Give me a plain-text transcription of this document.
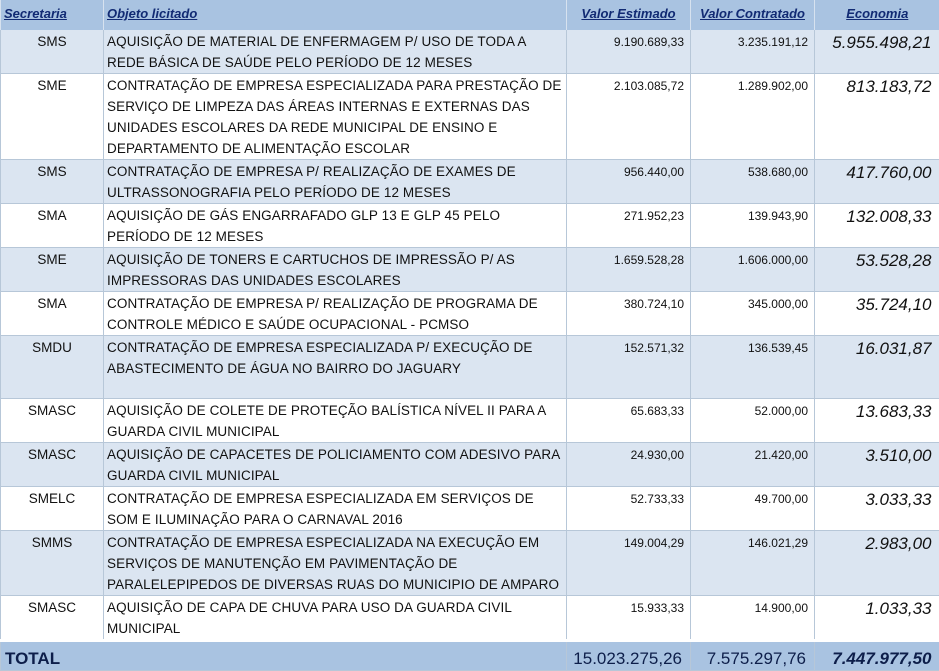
Secretaria	Objeto licitado	Valor Estimado	Valor Contratado	Economia
SMS	AQUISIÇÃO DE MATERIAL DE ENFERMAGEM P/ USO DE TODA A REDE BÁSICA DE SAÚDE PELO PERÍODO DE 12 MESES	9.190.689,33	3.235.191,12	5.955.498,21
SME	CONTRATAÇÃO DE EMPRESA ESPECIALIZADA PARA PRESTAÇÃO DE SERVIÇO DE LIMPEZA DAS ÁREAS INTERNAS E EXTERNAS DAS UNIDADES ESCOLARES DA REDE MUNICIPAL DE ENSINO E DEPARTAMENTO DE ALIMENTAÇÃO ESCOLAR	2.103.085,72	1.289.902,00	813.183,72
SMS	CONTRATAÇÃO DE EMPRESA P/ REALIZAÇÃO DE EXAMES DE ULTRASSONOGRAFIA PELO PERÍODO DE 12 MESES	956.440,00	538.680,00	417.760,00
SMA	AQUISIÇÃO DE GÁS ENGARRAFADO GLP 13 E GLP 45 PELO PERÍODO DE 12 MESES	271.952,23	139.943,90	132.008,33
SME	AQUISIÇÃO DE TONERS E CARTUCHOS DE IMPRESSÃO P/ AS IMPRESSORAS DAS UNIDADES ESCOLARES	1.659.528,28	1.606.000,00	53.528,28
SMA	CONTRATAÇÃO DE EMPRESA P/ REALIZAÇÃO DE PROGRAMA DE CONTROLE MÉDICO E SAÚDE OCUPACIONAL - PCMSO	380.724,10	345.000,00	35.724,10
SMDU	CONTRATAÇÃO DE EMPRESA ESPECIALIZADA P/ EXECUÇÃO DE ABASTECIMENTO DE ÁGUA NO BAIRRO DO JAGUARY	152.571,32	136.539,45	16.031,87
SMASC	AQUISIÇÃO DE COLETE DE PROTEÇÃO BALÍSTICA NÍVEL II PARA A GUARDA CIVIL MUNICIPAL	65.683,33	52.000,00	13.683,33
SMASC	AQUISIÇÃO DE CAPACETES DE POLICIAMENTO COM ADESIVO PARA GUARDA CIVIL MUNICIPAL	24.930,00	21.420,00	3.510,00
SMELC	CONTRATAÇÃO DE EMPRESA ESPECIALIZADA EM SERVIÇOS DE SOM E ILUMINAÇÃO PARA O CARNAVAL 2016	52.733,33	49.700,00	3.033,33
SMMS	CONTRATAÇÃO DE EMPRESA ESPECIALIZADA NA EXECUÇÃO EM SERVIÇOS DE MANUTENÇÃO EM PAVIMENTAÇÃO DE PARALELEPIPEDOS DE DIVERSAS RUAS DO MUNICIPIO DE AMPARO	149.004,29	146.021,29	2.983,00
SMASC	AQUISIÇÃO DE CAPA DE CHUVA PARA USO DA GUARDA CIVIL MUNICIPAL	15.933,33	14.900,00	1.033,33
TOTAL		15.023.275,26	7.575.297,76	7.447.977,50
